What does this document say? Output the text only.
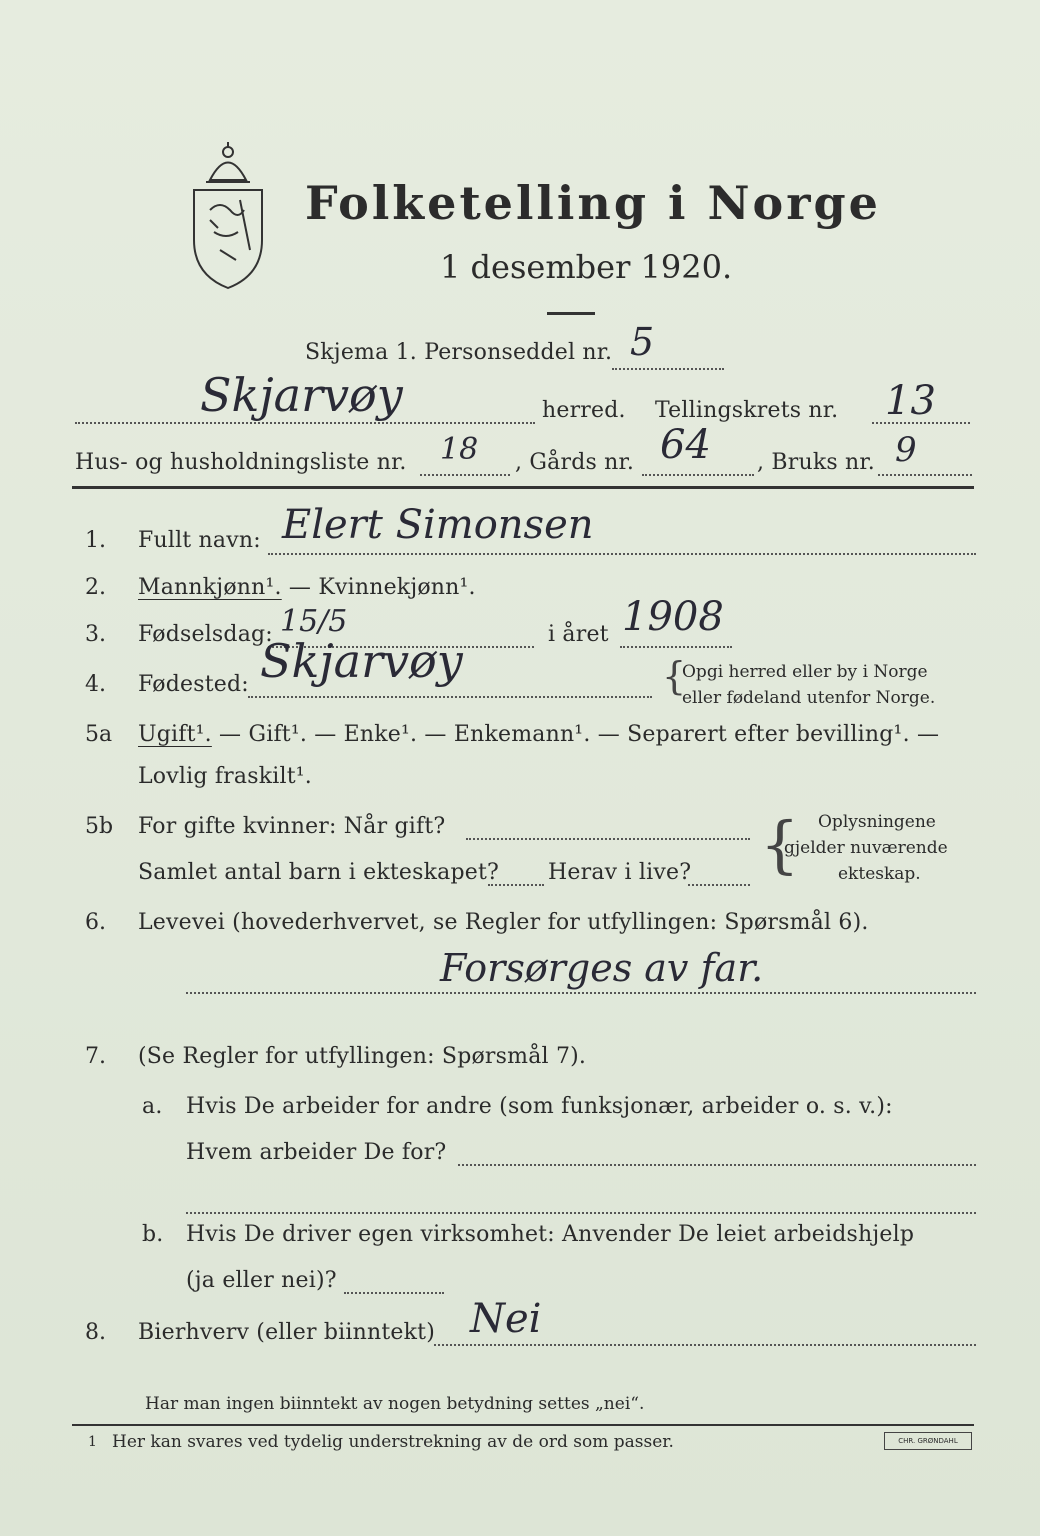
Folketelling i Norge
1 desember 1920.
Skjema 1. Personseddel nr. 5
Skjarvøy	herred. Tellingskrets nr. 13
Hus- og husholdningsliste nr. 18 , Gårds nr. 64 , Bruks nr. 9
1. Fullt navn: Elert Simonsen
2. Mannkjønn¹. — Kvinnekjønn¹.
3. Fødselsdag: 15/5	i året 1908
4. Fødested: Skjarvøy	{
Opgi herred eller by i Norge
eller fødeland utenfor Norge.
5a Ugift¹. — Gift¹. — Enke¹. — Enkemann¹. — Separert efter bevilling¹. —
Lovlig fraskilt¹.
5b For gifte kvinner: Når gift?
Samlet antal barn i ekteskapet? Herav i live? { Oplysningene
gjelder nuværende
ekteskap.
6. Levevei (hovederhvervet, se Regler for utfyllingen: Spørsmål 6).
Forsørges av far.
7. (Se Regler for utfyllingen: Spørsmål 7).
a. Hvis De arbeider for andre (som funksjonær, arbeider o. s. v.):
Hvem arbeider De for?
b. Hvis De driver egen virksomhet: Anvender De leiet arbeidshjelp
(ja eller nei)?
8. Bierhverv (eller biinntekt) Nei
Har man ingen biinntekt av nogen betydning settes „nei“.
1 Her kan svares ved tydelig understrekning av de ord som passer.	CHR. GRØNDAHL
